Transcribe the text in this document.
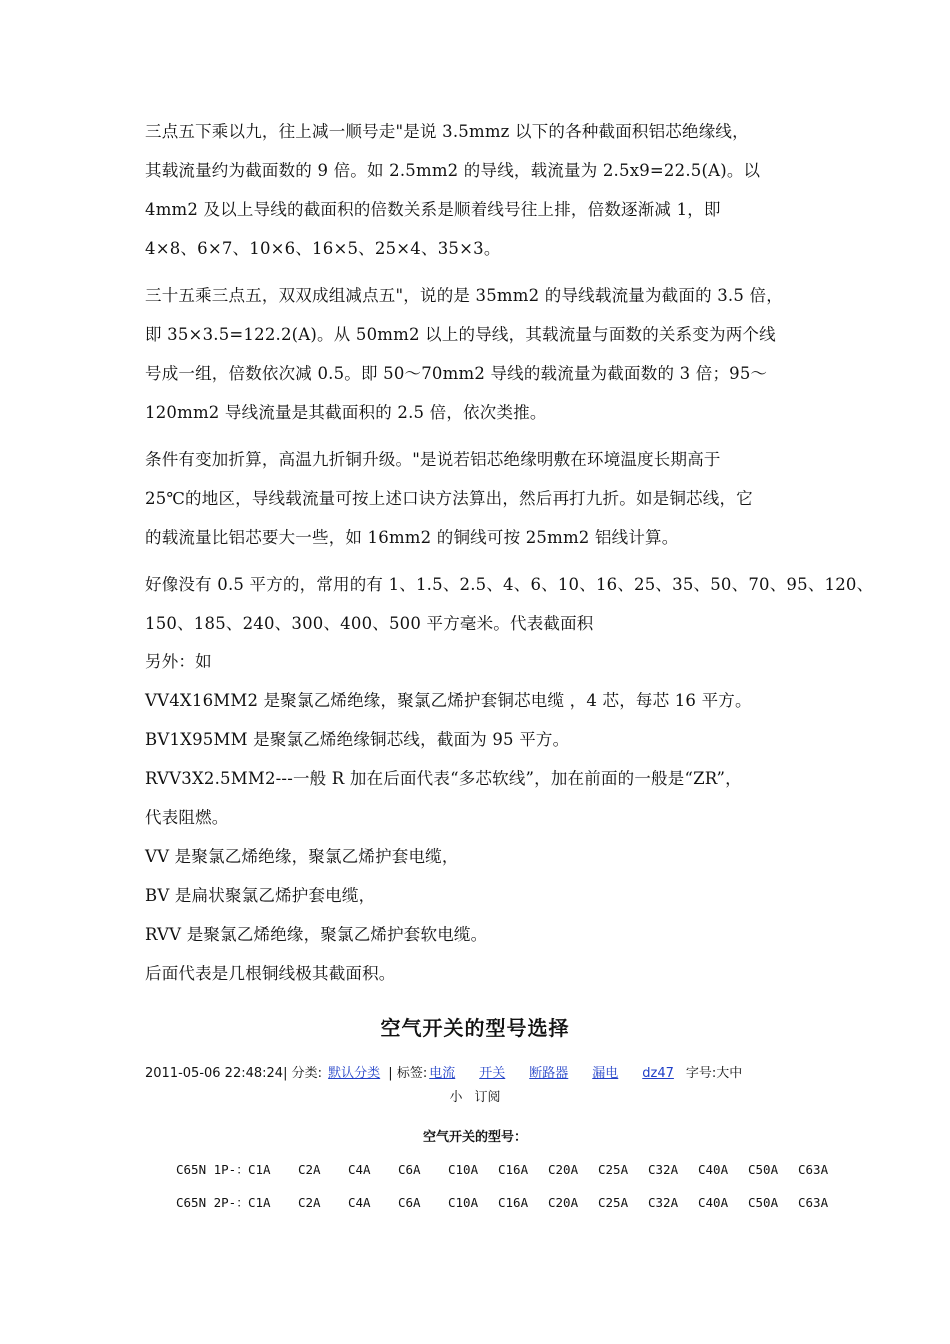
三点五下乘以九，往上减一顺号走"是说 3.5mmz 以下的各种截面积铝芯绝缘线，
其载流量约为截面数的 9 倍。如 2.5mm2 的导线，载流量为 2.5x9=22.5(A)。以
4mm2 及以上导线的截面积的倍数关系是顺着线号往上排，倍数逐渐减 1，即
4×8、6×7、10×6、16×5、25×4、35×3。
三十五乘三点五，双双成组减点五"，说的是 35mm2 的导线载流量为截面的 3.5 倍，
即 35×3.5=122.2(A)。从 50mm2 以上的导线，其载流量与面数的关系变为两个线
号成一组，倍数依次减 0.5。即 50～70mm2 导线的载流量为截面数的 3 倍；95～
120mm2 导线流量是其截面积的 2.5 倍，依次类推。
条件有变加折算，高温九折铜升级。"是说若铝芯绝缘明敷在环境温度长期高于
25℃的地区，导线载流量可按上述口诀方法算出，然后再打九折。如是铜芯线，它
的载流量比铝芯要大一些，如 16mm2 的铜线可按 25mm2 铝线计算。
好像没有 0.5 平方的，常用的有 1、1.5、2.5、4、6、10、16、25、35、50、70、95、120、
150、185、240、300、400、500 平方毫米。代表截面积
另外：如
VV4X16MM2 是聚氯乙烯绝缘，聚氯乙烯护套铜芯电缆 ，4 芯，每芯 16 平方。
BV1X95MM 是聚氯乙烯绝缘铜芯线，截面为 95 平方。
RVV3X2.5MM2---一般 R 加在后面代表“多芯软线”，加在前面的一般是“ZR”，
代表阻燃。
VV 是聚氯乙烯绝缘，聚氯乙烯护套电缆，
BV 是扁状聚氯乙烯护套电缆，
RVV 是聚氯乙烯绝缘，聚氯乙烯护套软电缆。
后面代表是几根铜线极其截面积。
空气开关的型号选择
2011-05-06 22:48:24| 分类: 默认分类 | 标签: 电流 开关 断路器 漏电 dz47 字号:大中
小 订阅
空气开关的型号：
C65N 1P-：C1A C2A C4A C6A C10A C16A C20A C25A C32A C40A C50A C63A
C65N 2P-：C1A C2A C4A C6A C10A C16A C20A C25A C32A C40A C50A C63A
